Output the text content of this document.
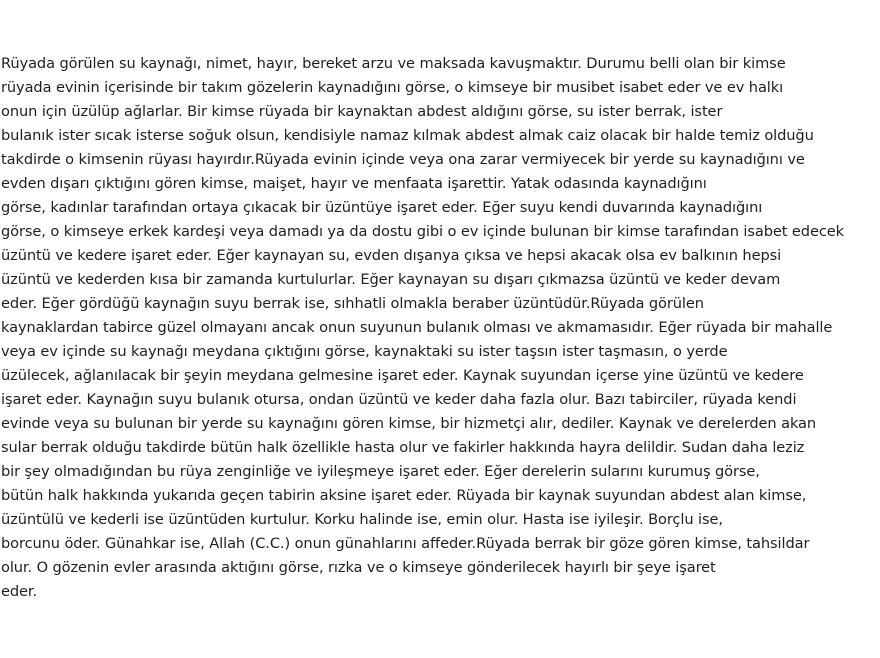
Rüyada görülen su kaynağı, nimet, hayır, bereket arzu ve maksada kavuşmaktır. Durumu belli olan bir kimse
rüyada evinin içerisinde bir takım gözelerin kaynadığını görse, o kimseye bir musibet isabet eder ve ev halkı
onun için üzülüp ağlarlar. Bir kimse rüyada bir kaynaktan abdest aldığını görse, su ister berrak, ister
bulanık ister sıcak isterse soğuk olsun, kendisiyle namaz kılmak abdest almak caiz olacak bir halde temiz olduğu
takdirde o kimsenin rüyası hayırdır.Rüyada evinin içinde veya ona zarar vermiyecek bir yerde su kaynadığını ve
evden dışarı çıktığını gören kimse, maişet, hayır ve menfaata işarettir. Yatak odasında kaynadığını
görse, kadınlar tarafından ortaya çıkacak bir üzüntüye işaret eder. Eğer suyu kendi duvarında kaynadığını
görse, o kimseye erkek kardeşi veya damadı ya da dostu gibi o ev içinde bulunan bir kimse tarafından isabet edecek
üzüntü ve kedere işaret eder. Eğer kaynayan su, evden dışanya çıksa ve hepsi akacak olsa ev balkının hepsi
üzüntü ve kederden kısa bir zamanda kurtulurlar. Eğer kaynayan su dışarı çıkmazsa üzüntü ve keder devam
eder. Eğer gördüğü kaynağın suyu berrak ise, sıhhatli olmakla beraber üzüntüdür.Rüyada görülen
kaynaklardan tabirce güzel olmayanı ancak onun suyunun bulanık olması ve akmamasıdır. Eğer rüyada bir mahalle
veya ev içinde su kaynağı meydana çıktığını görse, kaynaktaki su ister taşsın ister taşmasın, o yerde
üzülecek, ağlanılacak bir şeyin meydana gelmesine işaret eder. Kaynak suyundan içerse yine üzüntü ve kedere
işaret eder. Kaynağın suyu bulanık otursa, ondan üzüntü ve keder daha fazla olur. Bazı tabirciler, rüyada kendi
evinde veya su bulunan bir yerde su kaynağını gören kimse, bir hizmetçi alır, dediler. Kaynak ve derelerden akan
sular berrak olduğu takdirde bütün halk özellikle hasta olur ve fakirler hakkında hayra delildir. Sudan daha leziz
bir şey olmadığından bu rüya zenginliğe ve iyileşmeye işaret eder. Eğer derelerin sularını kurumuş görse,
bütün halk hakkında yukarıda geçen tabirin aksine işaret eder. Rüyada bir kaynak suyundan abdest alan kimse,
üzüntülü ve kederli ise üzüntüden kurtulur. Korku halinde ise, emin olur. Hasta ise iyileşir. Borçlu ise,
borcunu öder. Günahkar ise, Allah (C.C.) onun günahlarını affeder.Rüyada berrak bir göze gören kimse, tahsildar
olur. O gözenin evler arasında aktığını görse, rızka ve o kimseye gönderilecek hayırlı bir şeye işaret
eder.
